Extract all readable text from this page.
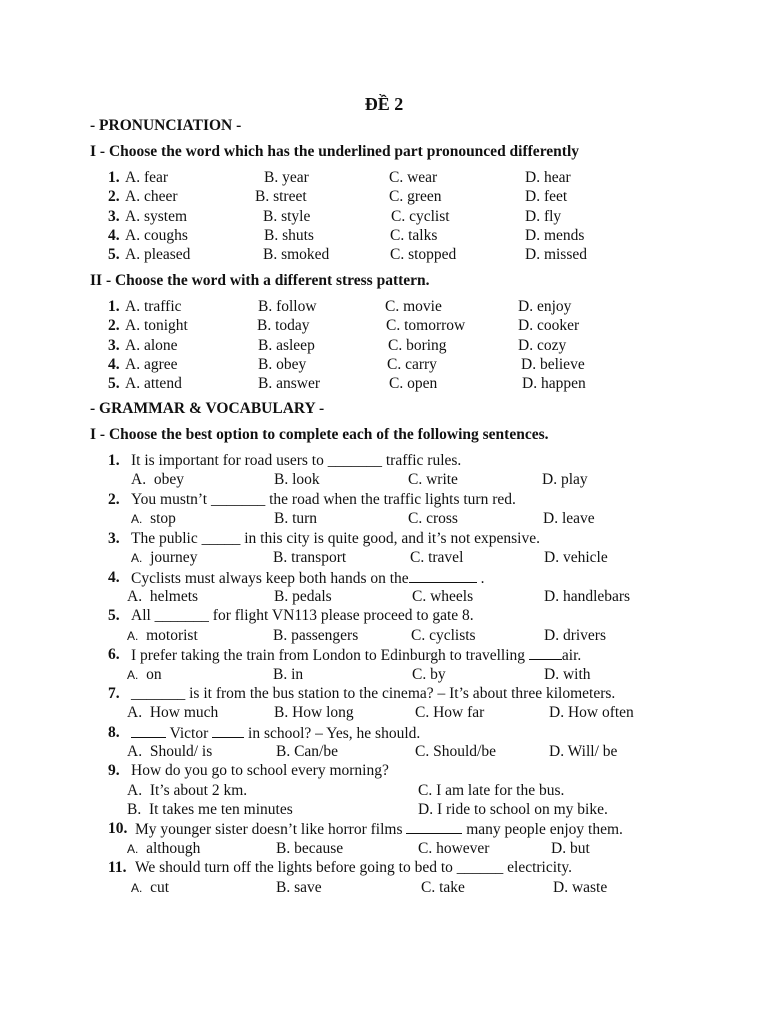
ĐỀ 2
- PRONUNCIATION -
I - Choose the word which has the underlined part pronounced differently
1. A. fear	B. year	C. wear	D. hear
2. A. cheer	B. street	C. green	D. feet
3. A. system	B. style	C. cyclist	D. fly
4. A. coughs	B. shuts	C. talks	D. mends
5. A. pleased	B. smoked	C. stopped	D. missed
II - Choose the word with a different stress pattern.
1. A. traffic	B. follow	C. movie	D. enjoy
2. A. tonight	B. today	C. tomorrow	D. cooker
3. A. alone	B. asleep	C. boring	D. cozy
4. A. agree	B. obey	C. carry	D. believe
5. A. attend	B. answer	C. open	D. happen
- GRAMMAR & VOCABULARY -
I - Choose the best option to complete each of the following sentences.
1. It is important for road users to _______ traffic rules.
A. obey	B. look	C. write	D. play
2. You mustn’t _______ the road when the traffic lights turn red.
A. stop	B. turn	C. cross	D. leave
3. The public _____ in this city is quite good, and it’s not expensive.
A. journey	B. transport	C. travel	D. vehicle
4. Cyclists must always keep both hands on the	.
A. helmets	B. pedals	C. wheels	D. handlebars
5. All _______ for flight VN113 please proceed to gate 8.
A. motorist	B. passengers	C. cyclists	D. drivers
6. I prefer taking the train from London to Edinburgh to travelling air.
A. on	B. in	C. by	D. with
7. _______ is it from the bus station to the cinema? – It’s about three kilometers.
A. How much	B. How long	C. How far	D. How often
8.	Victor	in school? – Yes, he should.
A. Should/ is	B. Can/be	C. Should/be	D. Will/ be
9. How do you go to school every morning?
A. It’s about 2 km.	C. I am late for the bus.
B. It takes me ten minutes	D. I ride to school on my bike.
10. My younger sister doesn’t like horror films	many people enjoy them.
A. although	B. because	C. however	D. but
11. We should turn off the lights before going to bed to ______ electricity.
A. cut	B. save	C. take	D. waste
